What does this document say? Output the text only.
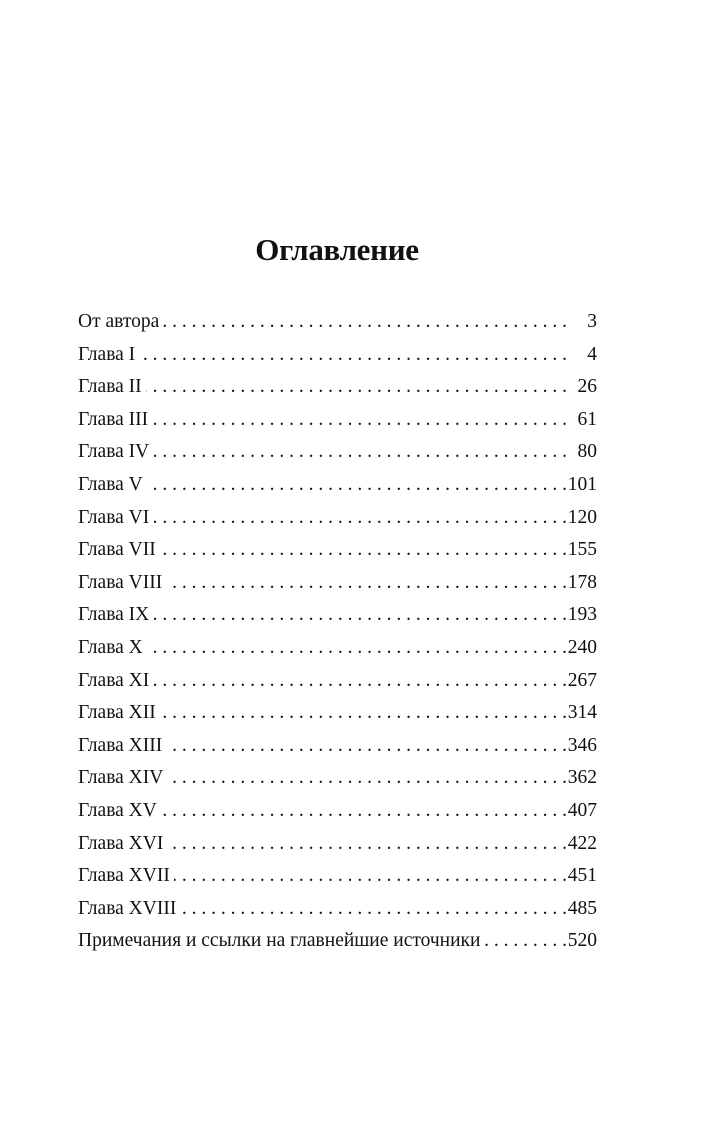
Оглавление
От автора . . .	3
Глава I . . .	4
Глава II . . .	26
Глава III . . .	61
Глава IV . . .	80
Глава V . . .	101
Глава VI . . .	120
Глава VII . . .	155
Глава VIII . . .	178
Глава IX . . .	193
Глава X . . .	240
Глава XI . . .	267
Глава XII . . .	314
Глава XIII . . .	346
Глава XIV . . .	362
Глава XV . . .	407
Глава XVI . . .	422
Глава XVII . . .	451
Глава XVIII . . .	485
Примечания и ссылки на главнейшие источники . . .	520
